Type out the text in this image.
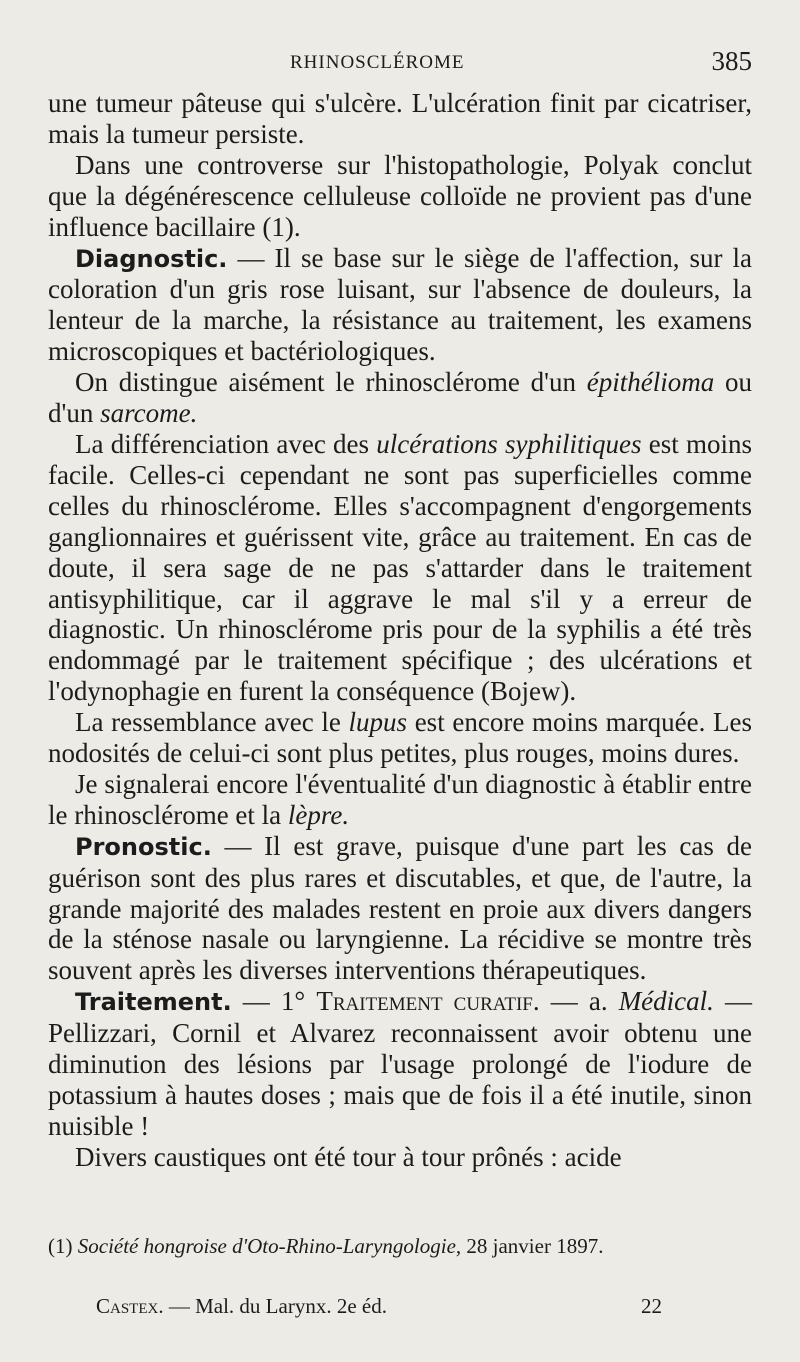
RHINOSCLÉROME	385

une tumeur pâteuse qui s'ulcère. L'ulcération finit par cicatriser, mais la tumeur persiste.

Dans une controverse sur l'histopathologie, Polyak conclut que la dégénérescence celluleuse colloïde ne provient pas d'une influence bacillaire (1).

Diagnostic. — Il se base sur le siège de l'affection, sur la coloration d'un gris rose luisant, sur l'absence de douleurs, la lenteur de la marche, la résistance au traitement, les examens microscopiques et bactériologiques.

On distingue aisément le rhinosclérome d'un épithélioma ou d'un sarcome.

La différenciation avec des ulcérations syphilitiques est moins facile. Celles-ci cependant ne sont pas superficielles comme celles du rhinosclérome. Elles s'accompagnent d'engorgements ganglionnaires et guérissent vite, grâce au traitement. En cas de doute, il sera sage de ne pas s'attarder dans le traitement antisyphilitique, car il aggrave le mal s'il y a erreur de diagnostic. Un rhinosclérome pris pour de la syphilis a été très endommagé par le traitement spécifique ; des ulcérations et l'odynophagie en furent la conséquence (Bojew).

La ressemblance avec le lupus est encore moins marquée. Les nodosités de celui-ci sont plus petites, plus rouges, moins dures.

Je signalerai encore l'éventualité d'un diagnostic à établir entre le rhinosclérome et la lèpre.

Pronostic. — Il est grave, puisque d'une part les cas de guérison sont des plus rares et discutables, et que, de l'autre, la grande majorité des malades restent en proie aux divers dangers de la sténose nasale ou laryngienne. La récidive se montre très souvent après les diverses interventions thérapeutiques.

Traitement. — 1° Traitement curatif. — a. Médical. — Pellizzari, Cornil et Alvarez reconnaissent avoir obtenu une diminution des lésions par l'usage prolongé de l'iodure de potassium à hautes doses ; mais que de fois il a été inutile, sinon nuisible !

Divers caustiques ont été tour à tour prônés : acide

(1) Société hongroise d'Oto-Rhino-Laryngologie, 28 janvier 1897.
Castex. — Mal. du Larynx. 2e éd.	22
